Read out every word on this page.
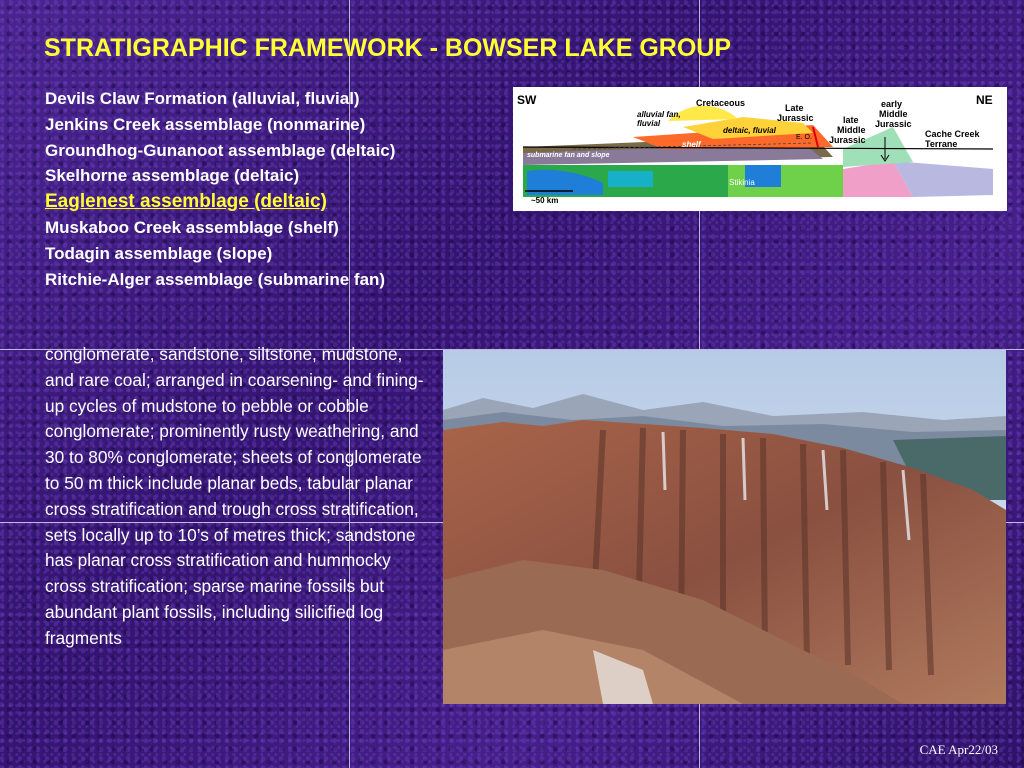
STRATIGRAPHIC FRAMEWORK - BOWSER LAKE GROUP
Devils Claw Formation (alluvial, fluvial)
Jenkins Creek assemblage (nonmarine)
Groundhog-Gunanoot assemblage (deltaic)
Skelhorne assemblage (deltaic)
Eaglenest assemblage (deltaic)
Muskaboo Creek assemblage (shelf)
Todagin assemblage (slope)
Ritchie-Alger assemblage (submarine fan)

conglomerate, sandstone, siltstone, mudstone, and rare coal; arranged in coarsening- and fining-up cycles of mudstone to pebble or cobble conglomerate; prominently rusty weathering, and 30 to 80% conglomerate; sheets of conglomerate to 50 m thick include planar beds, tabular planar cross stratification and trough cross stratification, sets locally up to 10’s of metres thick; sandstone has planar cross stratification and hummocky cross stratification; sparse marine fossils but abundant plant fossils, including silicified log fragments

SW	NE
Cretaceous
alluvial fan,
fluvial
Late
Jurassic
deltaic, fluvial
shelf
late
Middle
Jurassic
early
Middle
Jurassic
Cache Creek
Terrane
E. O.
submarine fan and slope
Stikinia
~50 km

CAE Apr22/03
